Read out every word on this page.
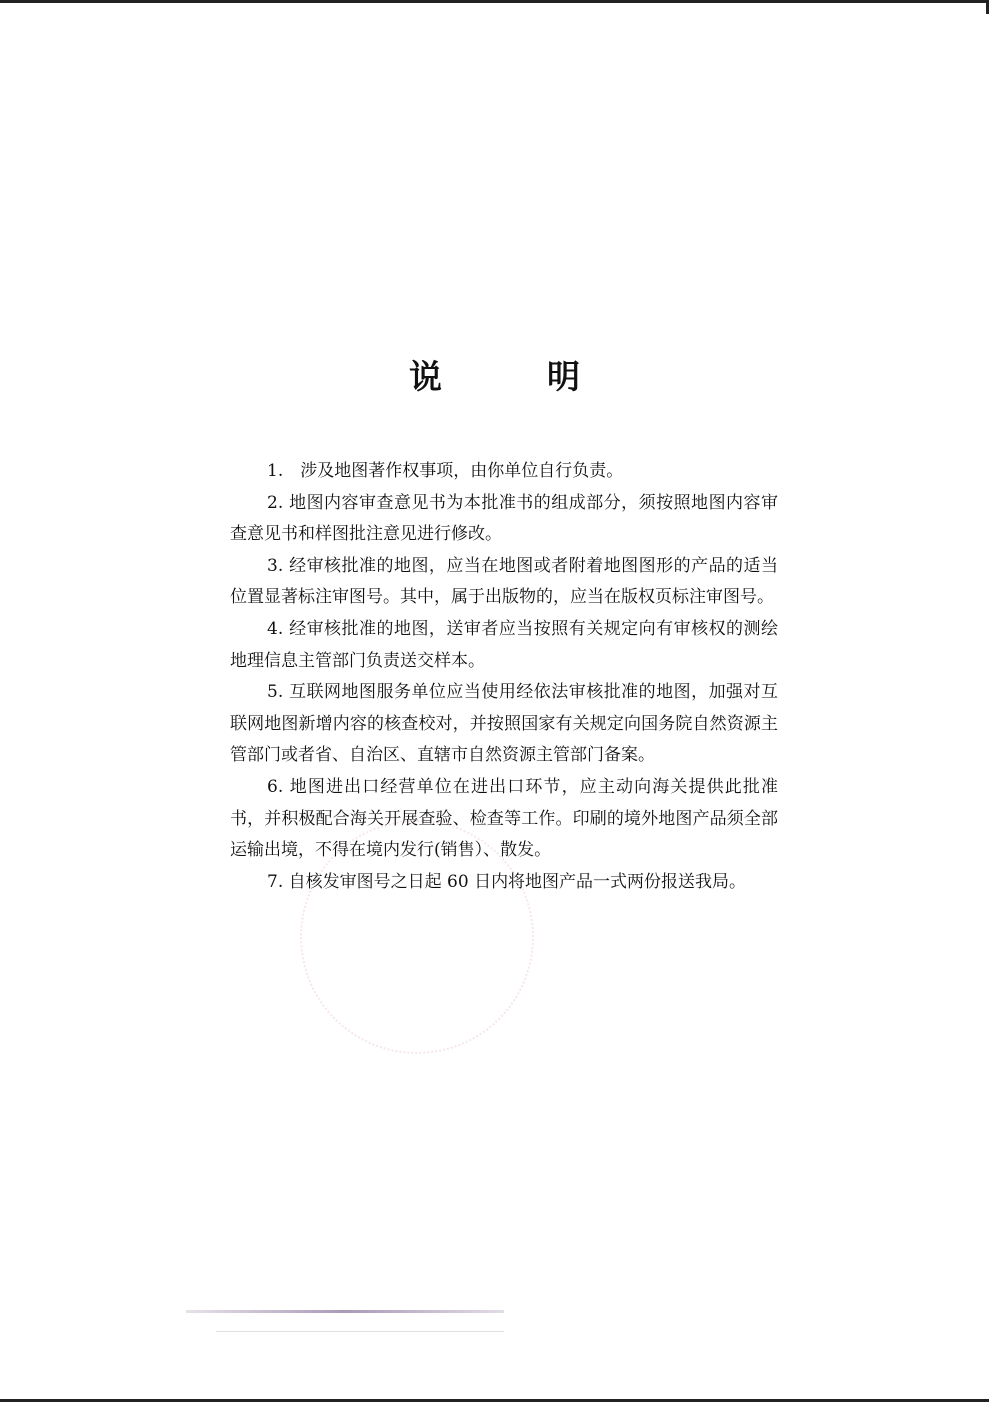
说　明

1.　涉及地图著作权事项，由你单位自行负责。

2. 地图内容审查意见书为本批准书的组成部分，须按照地图内容审查意见书和样图批注意见进行修改。

3. 经审核批准的地图，应当在地图或者附着地图图形的产品的适当位置显著标注审图号。其中，属于出版物的，应当在版权页标注审图号。

4. 经审核批准的地图，送审者应当按照有关规定向有审核权的测绘地理信息主管部门负责送交样本。

5. 互联网地图服务单位应当使用经依法审核批准的地图，加强对互联网地图新增内容的核查校对，并按照国家有关规定向国务院自然资源主管部门或者省、自治区、直辖市自然资源主管部门备案。

6. 地图进出口经营单位在进出口环节，应主动向海关提供此批准书，并积极配合海关开展查验、检查等工作。印刷的境外地图产品须全部运输出境，不得在境内发行(销售）、散发。

7. 自核发审图号之日起 60 日内将地图产品一式两份报送我局。
